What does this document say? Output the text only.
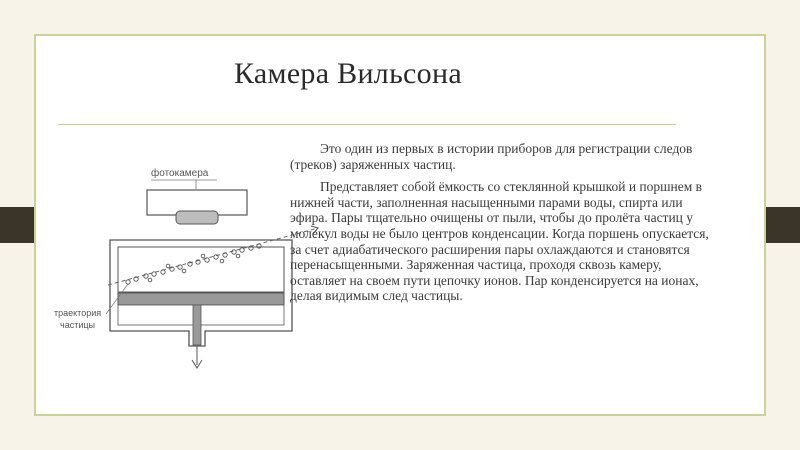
Камера Вильсона
фотокамера
траектория
частицы

Это один из первых в истории приборов для регистрации следов (треков) заряженных частиц.

Представляет собой ёмкость со стеклянной крышкой и поршнем в нижней части, заполненная насыщенными парами воды, спирта или эфира. Пары тщательно очищены от пыли, чтобы до пролёта частиц у молекул воды не было центров конденсации. Когда поршень опускается, за счет адиабатического расширения пары охлаждаются и становятся перенасыщенными. Заряженная частица, проходя сквозь камеру, оставляет на своем пути цепочку ионов. Пар конденсируется на ионах, делая видимым след частицы.
